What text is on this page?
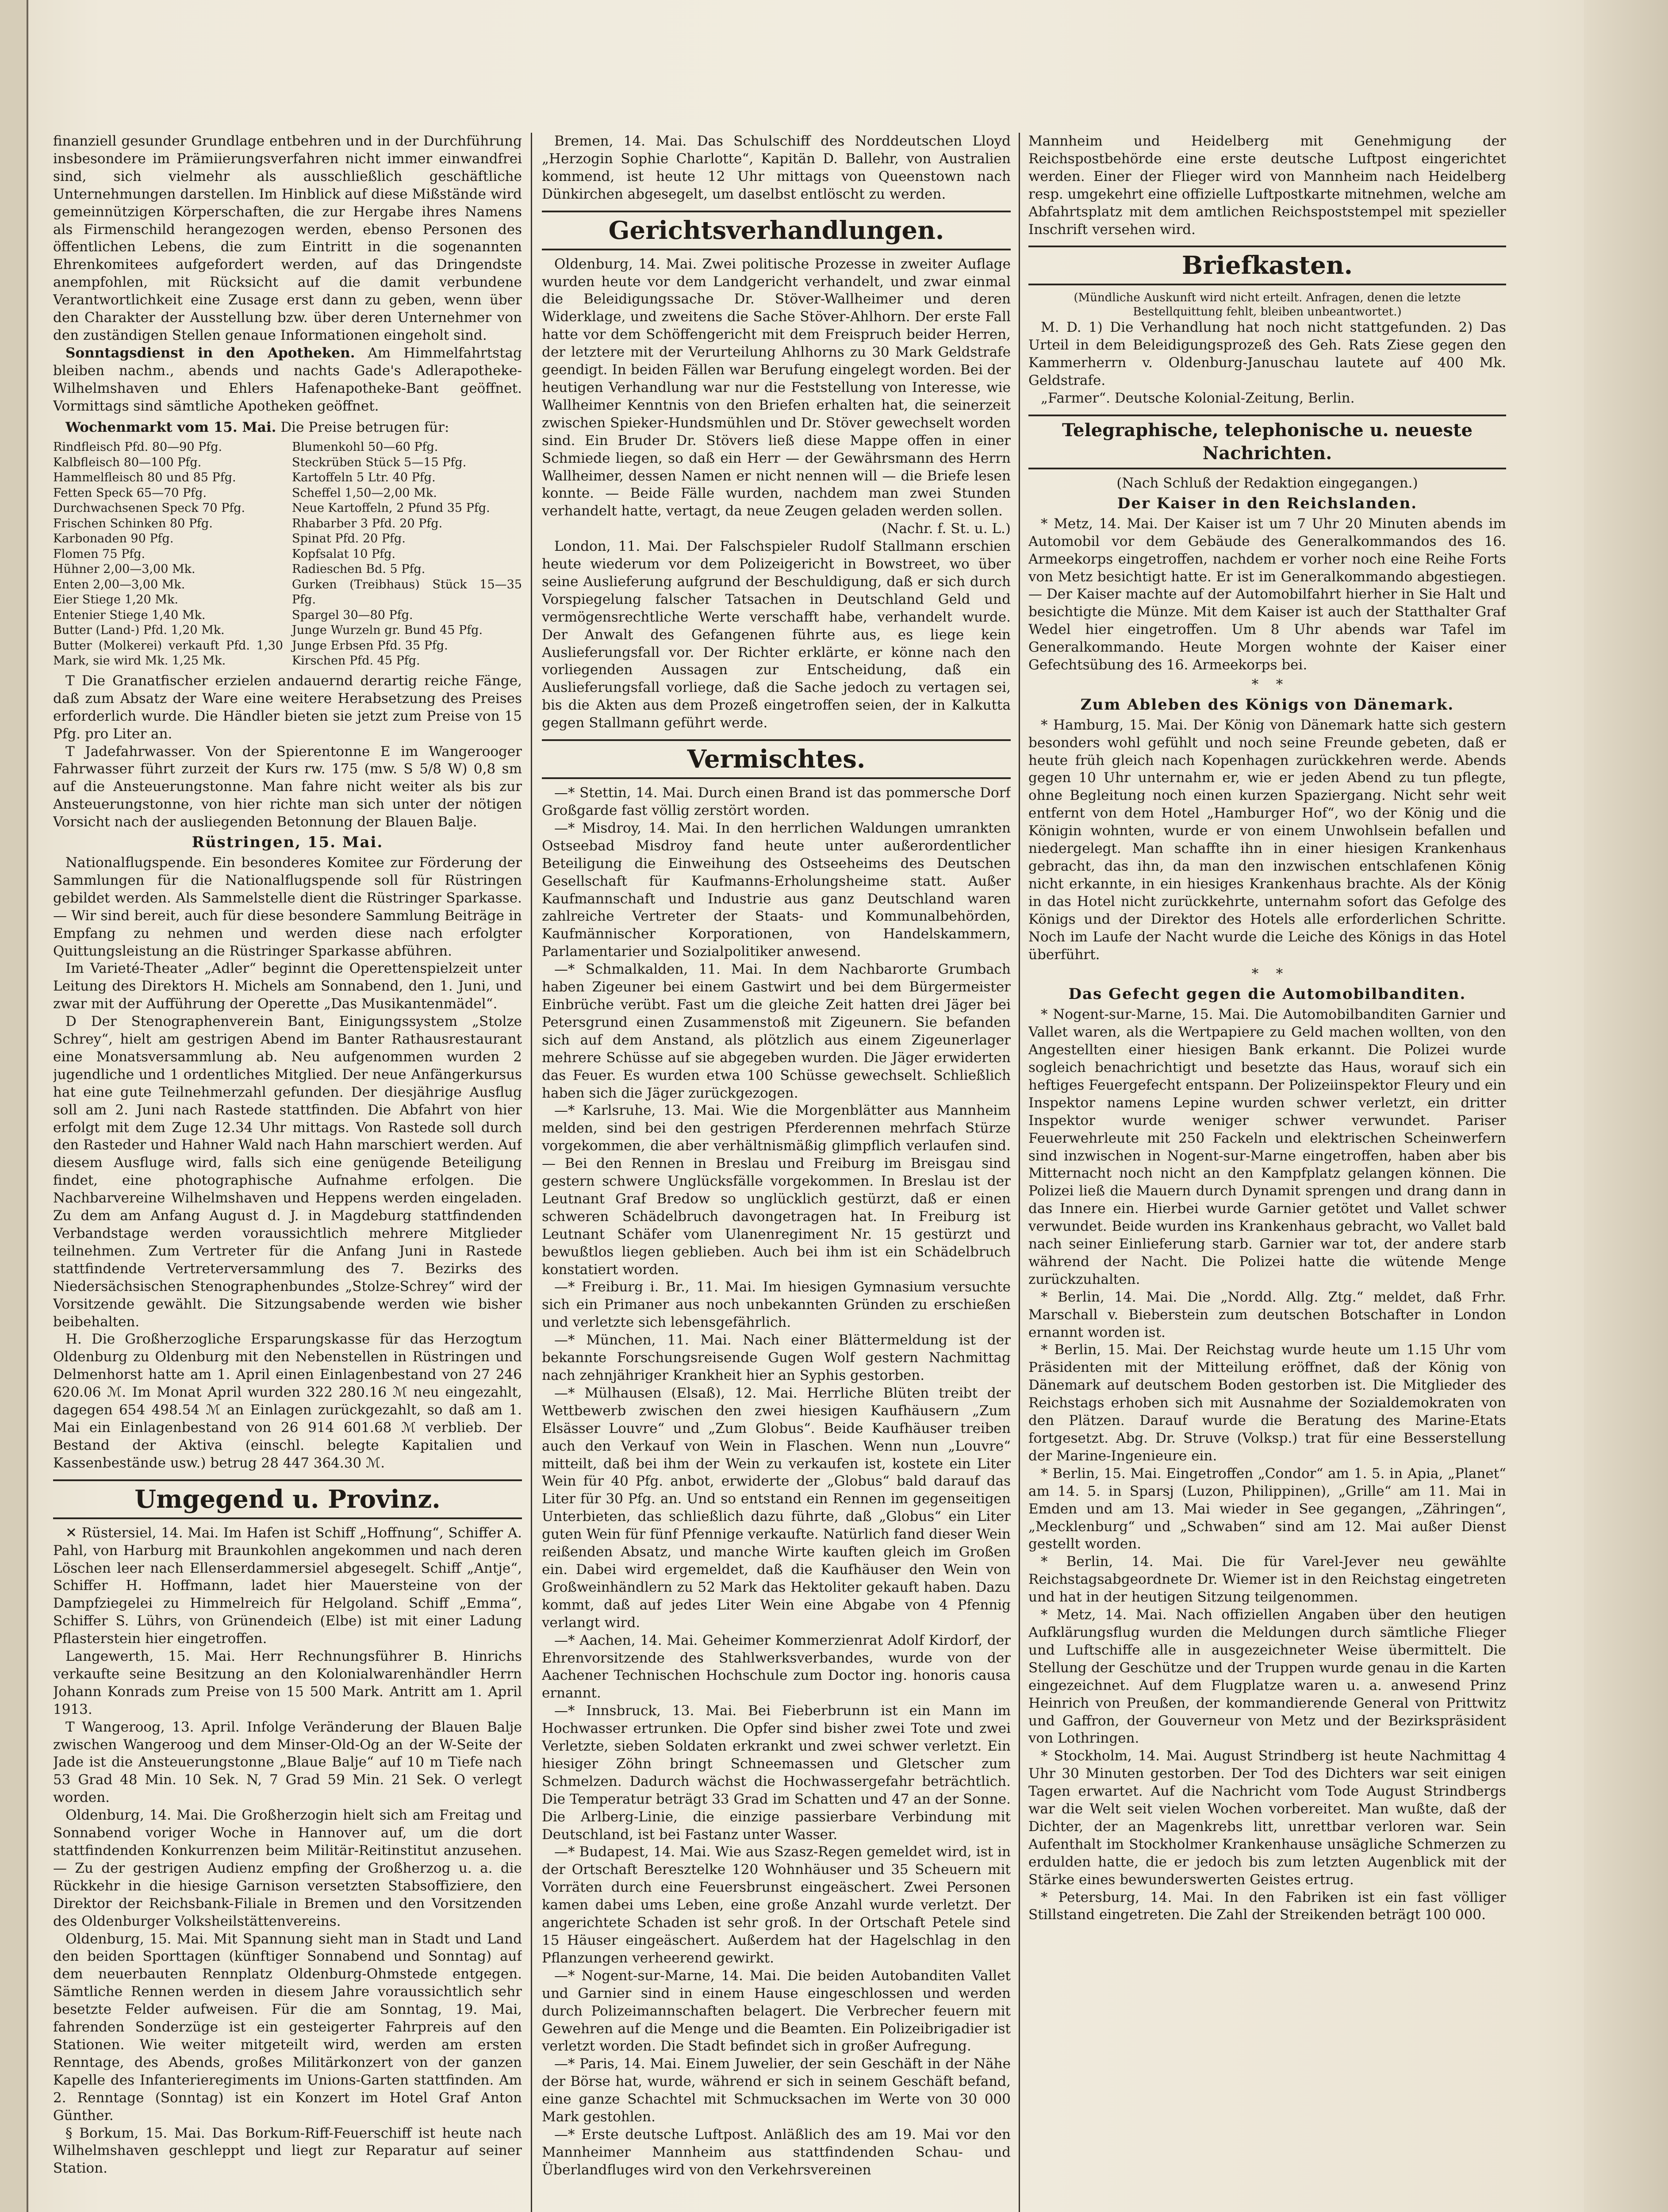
finanziell gesunder Grundlage entbehren und in der Durchführung insbesondere im Prämiierungsverfahren nicht immer einwandfrei sind, sich vielmehr als ausschließlich geschäftliche Unternehmungen darstellen. Im Hinblick auf diese Mißstände wird gemeinnützigen Körperschaften, die zur Hergabe ihres Namens als Firmenschild herangezogen werden, ebenso Personen des öffentlichen Lebens, die zum Eintritt in die sogenannten Ehrenkomitees aufgefordert werden, auf das Dringendste anempfohlen, mit Rücksicht auf die damit verbundene Verantwortlichkeit eine Zusage erst dann zu geben, wenn über den Charakter der Ausstellung bzw. über deren Unternehmer von den zuständigen Stellen genaue Informationen eingeholt sind.

Sonntagsdienst in den Apotheken. Am Himmelfahrtstag bleiben nachm., abends und nachts Gade's Adlerapotheke-Wilhelmshaven und Ehlers Hafenapotheke-Bant geöffnet. Vormittags sind sämtliche Apotheken geöffnet.

Wochenmarkt vom 15. Mai. Die Preise betrugen für:

Rindfleisch Pfd. 80—90 Pfg.
Kalbfleisch 80—100 Pfg.
Hammelfleisch 80 und 85 Pfg.
Fetten Speck 65—70 Pfg.
Durchwachsenen Speck 70 Pfg.
Frischen Schinken 80 Pfg.
Karbonaden 90 Pfg.
Flomen 75 Pfg.
Hühner 2,00—3,00 Mk.
Enten 2,00—3,00 Mk.
Eier Stiege 1,20 Mk.
Entenier Stiege 1,40 Mk.
Butter (Land-) Pfd. 1,20 Mk.
Butter (Molkerei) verkauft Pfd. 1,30 Mark, sie wird Mk. 1,25 Mk.
Blumenkohl 50—60 Pfg.
Steckrüben Stück 5—15 Pfg.
Kartoffeln 5 Ltr. 40 Pfg.
Scheffel 1,50—2,00 Mk.
Neue Kartoffeln, 2 Pfund 35 Pfg.
Rhabarber 3 Pfd. 20 Pfg.
Spinat Pfd. 20 Pfg.
Kopfsalat 10 Pfg.
Radieschen Bd. 5 Pfg.
Gurken (Treibhaus) Stück 15—35 Pfg.
Spargel 30—80 Pfg.
Junge Wurzeln gr. Bund 45 Pfg.
Junge Erbsen Pfd. 35 Pfg.
Kirschen Pfd. 45 Pfg.

T Die Granatfischer erzielen andauernd derartig reiche Fänge, daß zum Absatz der Ware eine weitere Herabsetzung des Preises erforderlich wurde. Die Händler bieten sie jetzt zum Preise von 15 Pfg. pro Liter an.

T Jadefahrwasser. Von der Spierentonne E im Wangerooger Fahrwasser führt zurzeit der Kurs rw. 175 (mw. S 5/8 W) 0,8 sm auf die Ansteuerungstonne. Man fahre nicht weiter als bis zur Ansteuerungstonne, von hier richte man sich unter der nötigen Vorsicht nach der ausliegenden Betonnung der Blauen Balje.

Rüstringen, 15. Mai.

Nationalflugspende. Ein besonderes Komitee zur Förderung der Sammlungen für die Nationalflugspende soll für Rüstringen gebildet werden. Als Sammelstelle dient die Rüstringer Sparkasse. — Wir sind bereit, auch für diese besondere Sammlung Beiträge in Empfang zu nehmen und werden diese nach erfolgter Quittungsleistung an die Rüstringer Sparkasse abführen.

Im Varieté-Theater „Adler“ beginnt die Operettenspielzeit unter Leitung des Direktors H. Michels am Sonnabend, den 1. Juni, und zwar mit der Aufführung der Operette „Das Musikantenmädel“.

D Der Stenographenverein Bant, Einigungssystem „Stolze Schrey“, hielt am gestrigen Abend im Banter Rathausrestaurant eine Monatsversammlung ab. Neu aufgenommen wurden 2 jugendliche und 1 ordentliches Mitglied. Der neue Anfängerkursus hat eine gute Teilnehmerzahl gefunden. Der diesjährige Ausflug soll am 2. Juni nach Rastede stattfinden. Die Abfahrt von hier erfolgt mit dem Zuge 12.34 Uhr mittags. Von Rastede soll durch den Rasteder und Hahner Wald nach Hahn marschiert werden. Auf diesem Ausfluge wird, falls sich eine genügende Beteiligung findet, eine photographische Aufnahme erfolgen. Die Nachbarvereine Wilhelmshaven und Heppens werden eingeladen. Zu dem am Anfang August d. J. in Magdeburg stattfindenden Verbandstage werden voraussichtlich mehrere Mitglieder teilnehmen. Zum Vertreter für die Anfang Juni in Rastede stattfindende Vertreterversammlung des 7. Bezirks des Niedersächsischen Stenographenbundes „Stolze-Schrey“ wird der Vorsitzende gewählt. Die Sitzungsabende werden wie bisher beibehalten.

H. Die Großherzogliche Ersparungskasse für das Herzogtum Oldenburg zu Oldenburg mit den Nebenstellen in Rüstringen und Delmenhorst hatte am 1. April einen Einlagenbestand von 27 246 620.06 ℳ. Im Monat April wurden 322 280.16 ℳ neu eingezahlt, dagegen 654 498.54 ℳ an Einlagen zurückgezahlt, so daß am 1. Mai ein Einlagenbestand von 26 914 601.68 ℳ verblieb. Der Bestand der Aktiva (einschl. belegte Kapitalien und Kassenbestände usw.) betrug 28 447 364.30 ℳ.

Umgegend u. Provinz.

✕ Rüstersiel, 14. Mai. Im Hafen ist Schiff „Hoffnung“, Schiffer A. Pahl, von Harburg mit Braunkohlen angekommen und nach deren Löschen leer nach Ellenserdammersiel abgesegelt. Schiff „Antje“, Schiffer H. Hoffmann, ladet hier Mauersteine von der Dampfziegelei zu Himmelreich für Helgoland. Schiff „Emma“, Schiffer S. Lührs, von Grünendeich (Elbe) ist mit einer Ladung Pflasterstein hier eingetroffen.

Langewerth, 15. Mai. Herr Rechnungsführer B. Hinrichs verkaufte seine Besitzung an den Kolonialwarenhändler Herrn Johann Konrads zum Preise von 15 500 Mark. Antritt am 1. April 1913.

T Wangeroog, 13. April. Infolge Veränderung der Blauen Balje zwischen Wangeroog und dem Minser-Old-Og an der W-Seite der Jade ist die Ansteuerungstonne „Blaue Balje“ auf 10 m Tiefe nach 53 Grad 48 Min. 10 Sek. N, 7 Grad 59 Min. 21 Sek. O verlegt worden.

Oldenburg, 14. Mai. Die Großherzogin hielt sich am Freitag und Sonnabend voriger Woche in Hannover auf, um die dort stattfindenden Konkurrenzen beim Militär-Reitinstitut anzusehen. — Zu der gestrigen Audienz empfing der Großherzog u. a. die Rückkehr in die hiesige Garnison versetzten Stabsoffiziere, den Direktor der Reichsbank-Filiale in Bremen und den Vorsitzenden des Oldenburger Volksheilstättenvereins.

Oldenburg, 15. Mai. Mit Spannung sieht man in Stadt und Land den beiden Sporttagen (künftiger Sonnabend und Sonntag) auf dem neuerbauten Rennplatz Oldenburg-Ohmstede entgegen. Sämtliche Rennen werden in diesem Jahre voraussichtlich sehr besetzte Felder aufweisen. Für die am Sonntag, 19. Mai, fahrenden Sonderzüge ist ein gesteigerter Fahrpreis auf den Stationen. Wie weiter mitgeteilt wird, werden am ersten Renntage, des Abends, großes Militärkonzert von der ganzen Kapelle des Infanterieregiments im Unions-Garten stattfinden. Am 2. Renntage (Sonntag) ist ein Konzert im Hotel Graf Anton Günther.

§ Borkum, 15. Mai. Das Borkum-Riff-Feuerschiff ist heute nach Wilhelmshaven geschleppt und liegt zur Reparatur auf seiner Station.

Bremen, 14. Mai. Das Schulschiff des Norddeutschen Lloyd „Herzogin Sophie Charlotte“, Kapitän D. Ballehr, von Australien kommend, ist heute 12 Uhr mittags von Queenstown nach Dünkirchen abgesegelt, um daselbst entlöscht zu werden.

Gerichtsverhandlungen.

Oldenburg, 14. Mai. Zwei politische Prozesse in zweiter Auflage wurden heute vor dem Landgericht verhandelt, und zwar einmal die Beleidigungssache Dr. Stöver-Wallheimer und deren Widerklage, und zweitens die Sache Stöver-Ahlhorn. Der erste Fall hatte vor dem Schöffengericht mit dem Freispruch beider Herren, der letztere mit der Verurteilung Ahlhorns zu 30 Mark Geldstrafe geendigt. In beiden Fällen war Berufung eingelegt worden. Bei der heutigen Verhandlung war nur die Feststellung von Interesse, wie Wallheimer Kenntnis von den Briefen erhalten hat, die seinerzeit zwischen Spieker-Hundsmühlen und Dr. Stöver gewechselt worden sind. Ein Bruder Dr. Stövers ließ diese Mappe offen in einer Schmiede liegen, so daß ein Herr — der Gewährsmann des Herrn Wallheimer, dessen Namen er nicht nennen will — die Briefe lesen konnte. — Beide Fälle wurden, nachdem man zwei Stunden verhandelt hatte, vertagt, da neue Zeugen geladen werden sollen.

(Nachr. f. St. u. L.)

London, 11. Mai. Der Falschspieler Rudolf Stallmann erschien heute wiederum vor dem Polizeigericht in Bowstreet, wo über seine Auslieferung aufgrund der Beschuldigung, daß er sich durch Vorspiegelung falscher Tatsachen in Deutschland Geld und vermögensrechtliche Werte verschafft habe, verhandelt wurde. Der Anwalt des Gefangenen führte aus, es liege kein Auslieferungsfall vor. Der Richter erklärte, er könne nach den vorliegenden Aussagen zur Entscheidung, daß ein Auslieferungsfall vorliege, daß die Sache jedoch zu vertagen sei, bis die Akten aus dem Prozeß eingetroffen seien, der in Kalkutta gegen Stallmann geführt werde.

Vermischtes.

—* Stettin, 14. Mai. Durch einen Brand ist das pommersche Dorf Großgarde fast völlig zerstört worden.

—* Misdroy, 14. Mai. In den herrlichen Waldungen umrankten Ostseebad Misdroy fand heute unter außerordentlicher Beteiligung die Einweihung des Ostseeheims des Deutschen Gesellschaft für Kaufmanns-Erholungsheime statt. Außer Kaufmannschaft und Industrie aus ganz Deutschland waren zahlreiche Vertreter der Staats- und Kommunalbehörden, Kaufmännischer Korporationen, von Handelskammern, Parlamentarier und Sozialpolitiker anwesend.

—* Schmalkalden, 11. Mai. In dem Nachbarorte Grumbach haben Zigeuner bei einem Gastwirt und bei dem Bürgermeister Einbrüche verübt. Fast um die gleiche Zeit hatten drei Jäger bei Petersgrund einen Zusammenstoß mit Zigeunern. Sie befanden sich auf dem Anstand, als plötzlich aus einem Zigeunerlager mehrere Schüsse auf sie abgegeben wurden. Die Jäger erwiderten das Feuer. Es wurden etwa 100 Schüsse gewechselt. Schließlich haben sich die Jäger zurückgezogen.

—* Karlsruhe, 13. Mai. Wie die Morgenblätter aus Mannheim melden, sind bei den gestrigen Pferderennen mehrfach Stürze vorgekommen, die aber verhältnismäßig glimpflich verlaufen sind. — Bei den Rennen in Breslau und Freiburg im Breisgau sind gestern schwere Unglücksfälle vorgekommen. In Breslau ist der Leutnant Graf Bredow so unglücklich gestürzt, daß er einen schweren Schädelbruch davongetragen hat. In Freiburg ist Leutnant Schäfer vom Ulanenregiment Nr. 15 gestürzt und bewußtlos liegen geblieben. Auch bei ihm ist ein Schädelbruch konstatiert worden.

—* Freiburg i. Br., 11. Mai. Im hiesigen Gymnasium versuchte sich ein Primaner aus noch unbekannten Gründen zu erschießen und verletzte sich lebensgefährlich.

—* München, 11. Mai. Nach einer Blättermeldung ist der bekannte Forschungsreisende Gugen Wolf gestern Nachmittag nach zehnjähriger Krankheit hier an Syphis gestorben.

—* Mülhausen (Elsaß), 12. Mai. Herrliche Blüten treibt der Wettbewerb zwischen den zwei hiesigen Kaufhäusern „Zum Elsässer Louvre“ und „Zum Globus“. Beide Kaufhäuser treiben auch den Verkauf von Wein in Flaschen. Wenn nun „Louvre“ mitteilt, daß bei ihm der Wein zu verkaufen ist, kostete ein Liter Wein für 40 Pfg. anbot, erwiderte der „Globus“ bald darauf das Liter für 30 Pfg. an. Und so entstand ein Rennen im gegenseitigen Unterbieten, das schließlich dazu führte, daß „Globus“ ein Liter guten Wein für fünf Pfennige verkaufte. Natürlich fand dieser Wein reißenden Absatz, und manche Wirte kauften gleich im Großen ein. Dabei wird ergemeldet, daß die Kaufhäuser den Wein von Großweinhändlern zu 52 Mark das Hektoliter gekauft haben. Dazu kommt, daß auf jedes Liter Wein eine Abgabe von 4 Pfennig verlangt wird.

—* Aachen, 14. Mai. Geheimer Kommerzienrat Adolf Kirdorf, der Ehrenvorsitzende des Stahlwerksverbandes, wurde von der Aachener Technischen Hochschule zum Doctor ing. honoris causa ernannt.

—* Innsbruck, 13. Mai. Bei Fieberbrunn ist ein Mann im Hochwasser ertrunken. Die Opfer sind bisher zwei Tote und zwei Verletzte, sieben Soldaten erkrankt und zwei schwer verletzt. Ein hiesiger Zöhn bringt Schneemassen und Gletscher zum Schmelzen. Dadurch wächst die Hochwassergefahr beträchtlich. Die Temperatur beträgt 33 Grad im Schatten und 47 an der Sonne. Die Arlberg-Linie, die einzige passierbare Verbindung mit Deutschland, ist bei Fastanz unter Wasser.

—* Budapest, 14. Mai. Wie aus Szasz-Regen gemeldet wird, ist in der Ortschaft Beresztelke 120 Wohnhäuser und 35 Scheuern mit Vorräten durch eine Feuersbrunst eingeäschert. Zwei Personen kamen dabei ums Leben, eine große Anzahl wurde verletzt. Der angerichtete Schaden ist sehr groß. In der Ortschaft Petele sind 15 Häuser eingeäschert. Außerdem hat der Hagelschlag in den Pflanzungen verheerend gewirkt.

—* Nogent-sur-Marne, 14. Mai. Die beiden Autobanditen Vallet und Garnier sind in einem Hause eingeschlossen und werden durch Polizeimannschaften belagert. Die Verbrecher feuern mit Gewehren auf die Menge und die Beamten. Ein Polizeibrigadier ist verletzt worden. Die Stadt befindet sich in großer Aufregung.

—* Paris, 14. Mai. Einem Juwelier, der sein Geschäft in der Nähe der Börse hat, wurde, während er sich in seinem Geschäft befand, eine ganze Schachtel mit Schmucksachen im Werte von 30 000 Mark gestohlen.

—* Erste deutsche Luftpost. Anläßlich des am 19. Mai vor den Mannheimer Mannheim aus stattfindenden Schau- und Überlandfluges wird von den Verkehrsvereinen

Mannheim und Heidelberg mit Genehmigung der Reichspostbehörde eine erste deutsche Luftpost eingerichtet werden. Einer der Flieger wird von Mannheim nach Heidelberg resp. umgekehrt eine offizielle Luftpostkarte mitnehmen, welche am Abfahrtsplatz mit dem amtlichen Reichspoststempel mit spezieller Inschrift versehen wird.

Briefkasten.

(Mündliche Auskunft wird nicht erteilt. Anfragen, denen die letzte Bestellquittung fehlt, bleiben unbeantwortet.)

M. D. 1) Die Verhandlung hat noch nicht stattgefunden. 2) Das Urteil in dem Beleidigungsprozeß des Geh. Rats Ziese gegen den Kammerherrn v. Oldenburg-Januschau lautete auf 400 Mk. Geldstrafe.

„Farmer“. Deutsche Kolonial-Zeitung, Berlin.

Telegraphische, telephonische u. neueste Nachrichten.

(Nach Schluß der Redaktion eingegangen.)

Der Kaiser in den Reichslanden.

* Metz, 14. Mai. Der Kaiser ist um 7 Uhr 20 Minuten abends im Automobil vor dem Gebäude des Generalkommandos des 16. Armeekorps eingetroffen, nachdem er vorher noch eine Reihe Forts von Metz besichtigt hatte. Er ist im Generalkommando abgestiegen. — Der Kaiser machte auf der Automobilfahrt hierher in Sie Halt und besichtigte die Münze. Mit dem Kaiser ist auch der Statthalter Graf Wedel hier eingetroffen. Um 8 Uhr abends war Tafel im Generalkommando. Heute Morgen wohnte der Kaiser einer Gefechtsübung des 16. Armeekorps bei.

*    *
Zum Ableben des Königs von Dänemark.

* Hamburg, 15. Mai. Der König von Dänemark hatte sich gestern besonders wohl gefühlt und noch seine Freunde gebeten, daß er heute früh gleich nach Kopenhagen zurückkehren werde. Abends gegen 10 Uhr unternahm er, wie er jeden Abend zu tun pflegte, ohne Begleitung noch einen kurzen Spaziergang. Nicht sehr weit entfernt von dem Hotel „Hamburger Hof“, wo der König und die Königin wohnten, wurde er von einem Unwohlsein befallen und niedergelegt. Man schaffte ihn in einer hiesigen Krankenhaus gebracht, das ihn, da man den inzwischen entschlafenen König nicht erkannte, in ein hiesiges Krankenhaus brachte. Als der König in das Hotel nicht zurückkehrte, unternahm sofort das Gefolge des Königs und der Direktor des Hotels alle erforderlichen Schritte. Noch im Laufe der Nacht wurde die Leiche des Königs in das Hotel überführt.

*    *
Das Gefecht gegen die Automobilbanditen.

* Nogent-sur-Marne, 15. Mai. Die Automobilbanditen Garnier und Vallet waren, als die Wertpapiere zu Geld machen wollten, von den Angestellten einer hiesigen Bank erkannt. Die Polizei wurde sogleich benachrichtigt und besetzte das Haus, worauf sich ein heftiges Feuergefecht entspann. Der Polizeiinspektor Fleury und ein Inspektor namens Lepine wurden schwer verletzt, ein dritter Inspektor wurde weniger schwer verwundet. Pariser Feuerwehrleute mit 250 Fackeln und elektrischen Scheinwerfern sind inzwischen in Nogent-sur-Marne eingetroffen, haben aber bis Mitternacht noch nicht an den Kampfplatz gelangen können. Die Polizei ließ die Mauern durch Dynamit sprengen und drang dann in das Innere ein. Hierbei wurde Garnier getötet und Vallet schwer verwundet. Beide wurden ins Krankenhaus gebracht, wo Vallet bald nach seiner Einlieferung starb. Garnier war tot, der andere starb während der Nacht. Die Polizei hatte die wütende Menge zurückzuhalten.

* Berlin, 14. Mai. Die „Nordd. Allg. Ztg.“ meldet, daß Frhr. Marschall v. Bieberstein zum deutschen Botschafter in London ernannt worden ist.

* Berlin, 15. Mai. Der Reichstag wurde heute um 1.15 Uhr vom Präsidenten mit der Mitteilung eröffnet, daß der König von Dänemark auf deutschem Boden gestorben ist. Die Mitglieder des Reichstags erhoben sich mit Ausnahme der Sozialdemokraten von den Plätzen. Darauf wurde die Beratung des Marine-Etats fortgesetzt. Abg. Dr. Struve (Volksp.) trat für eine Besserstellung der Marine-Ingenieure ein.

* Berlin, 15. Mai. Eingetroffen „Condor“ am 1. 5. in Apia, „Planet“ am 14. 5. in Sparsj (Luzon, Philippinen), „Grille“ am 11. Mai in Emden und am 13. Mai wieder in See gegangen, „Zähringen“, „Mecklenburg“ und „Schwaben“ sind am 12. Mai außer Dienst gestellt worden.

* Berlin, 14. Mai. Die für Varel-Jever neu gewählte Reichstagsabgeordnete Dr. Wiemer ist in den Reichstag eingetreten und hat in der heutigen Sitzung teilgenommen.

* Metz, 14. Mai. Nach offiziellen Angaben über den heutigen Aufklärungsflug wurden die Meldungen durch sämtliche Flieger und Luftschiffe alle in ausgezeichneter Weise übermittelt. Die Stellung der Geschütze und der Truppen wurde genau in die Karten eingezeichnet. Auf dem Flugplatze waren u. a. anwesend Prinz Heinrich von Preußen, der kommandierende General von Prittwitz und Gaffron, der Gouverneur von Metz und der Bezirkspräsident von Lothringen.

* Stockholm, 14. Mai. August Strindberg ist heute Nachmittag 4 Uhr 30 Minuten gestorben. Der Tod des Dichters war seit einigen Tagen erwartet. Auf die Nachricht vom Tode August Strindbergs war die Welt seit vielen Wochen vorbereitet. Man wußte, daß der Dichter, der an Magenkrebs litt, unrettbar verloren war. Sein Aufenthalt im Stockholmer Krankenhause unsägliche Schmerzen zu erdulden hatte, die er jedoch bis zum letzten Augenblick mit der Stärke eines bewunderswerten Geistes ertrug.

* Petersburg, 14. Mai. In den Fabriken ist ein fast völliger Stillstand eingetreten. Die Zahl der Streikenden beträgt 100 000.
